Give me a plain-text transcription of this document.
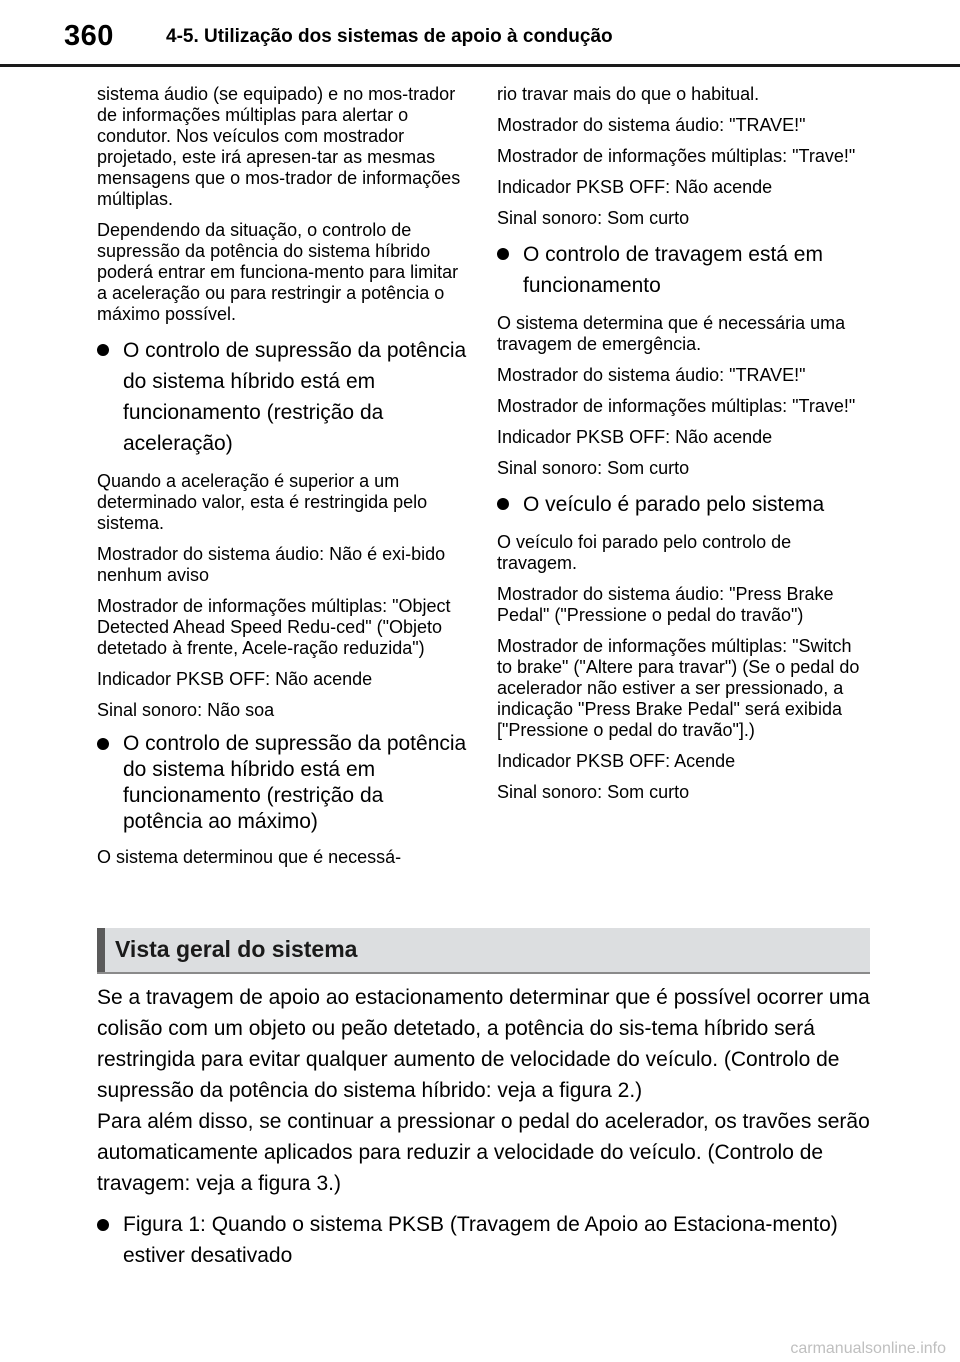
360	4-5. Utilização dos sistemas de apoio à condução

sistema áudio (se equipado) e no mos-trador de informações múltiplas para alertar o condutor. Nos veículos com mostrador projetado, este irá apresen-tar as mesmas mensagens que o mos-trador de informações múltiplas.

Dependendo da situação, o controlo de supressão da potência do sistema híbrido poderá entrar em funciona-mento para limitar a aceleração ou para restringir a potência o máximo possível.

O controlo de supressão da potência do sistema híbrido está em funcionamento (restrição da aceleração)

Quando a aceleração é superior a um determinado valor, esta é restringida pelo sistema.

Mostrador do sistema áudio: Não é exi-bido nenhum aviso

Mostrador de informações múltiplas: "Object Detected Ahead Speed Redu-ced" ("Objeto detetado à frente, Acele-ração reduzida")

Indicador PKSB OFF: Não acende

Sinal sonoro: Não soa

O controlo de supressão da potência do sistema híbrido está em funcionamento (restrição da potência ao máximo)

O sistema determinou que é necessá-

rio travar mais do que o habitual.

Mostrador do sistema áudio: "TRAVE!"

Mostrador de informações múltiplas: "Trave!"

Indicador PKSB OFF: Não acende

Sinal sonoro: Som curto

O controlo de travagem está em funcionamento

O sistema determina que é necessária uma travagem de emergência.

Mostrador do sistema áudio: "TRAVE!"

Mostrador de informações múltiplas: "Trave!"

Indicador PKSB OFF: Não acende

Sinal sonoro: Som curto

O veículo é parado pelo sistema

O veículo foi parado pelo controlo de travagem.

Mostrador do sistema áudio: "Press Brake Pedal" ("Pressione o pedal do travão")

Mostrador de informações múltiplas: "Switch to brake" ("Altere para travar") (Se o pedal do acelerador não estiver a ser pressionado, a indicação "Press Brake Pedal" será exibida ["Pressione o pedal do travão"].)

Indicador PKSB OFF: Acende

Sinal sonoro: Som curto

Vista geral do sistema

Se a travagem de apoio ao estacionamento determinar que é possível ocorrer uma colisão com um objeto ou peão detetado, a potência do sis-tema híbrido será restringida para evitar qualquer aumento de velocidade do veículo. (Controlo de supressão da potência do sistema híbrido: veja a figura 2.)

Para além disso, se continuar a pressionar o pedal do acelerador, os travões serão automaticamente aplicados para reduzir a velocidade do veículo. (Controlo de travagem: veja a figura 3.)

Figura 1: Quando o sistema PKSB (Travagem de Apoio ao Estaciona-mento) estiver desativado
carmanualsonline.info
